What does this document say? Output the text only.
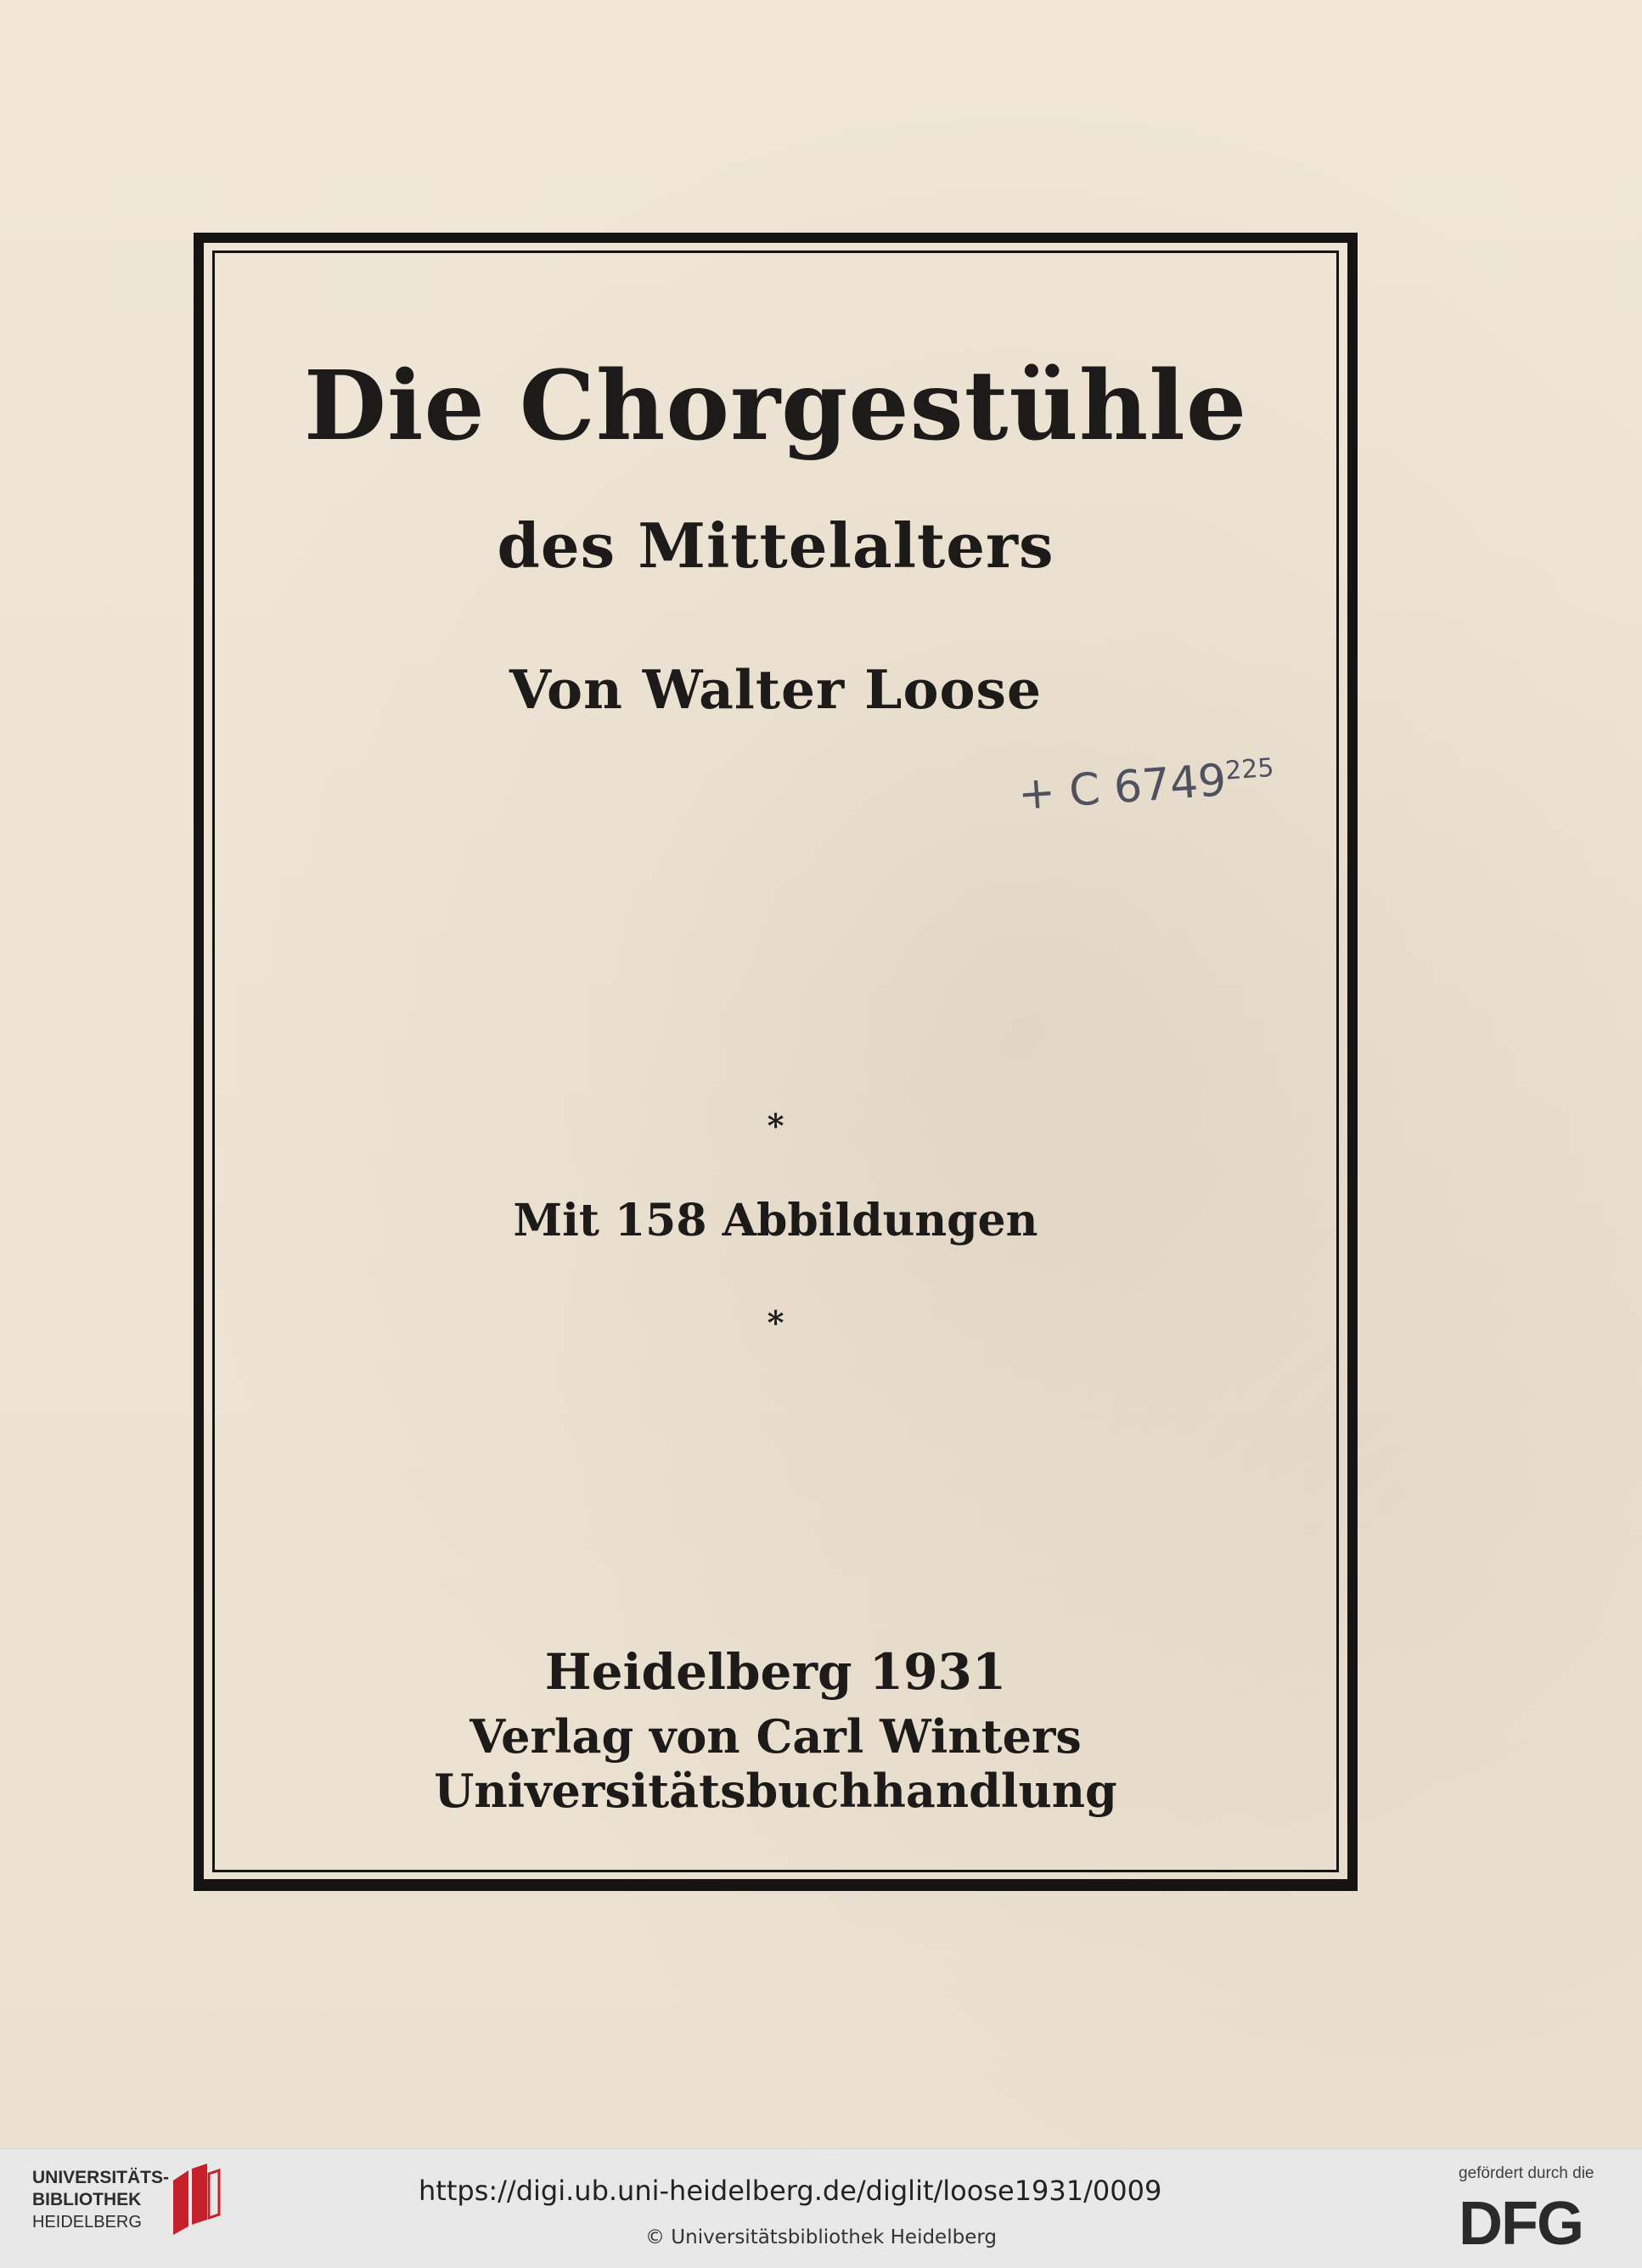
Die Chorgestühle
des Mittelalters
Von Walter Loose
+ C 6749$^{225}$
*
Mit 158 Abbildungen
*
Heidelberg 1931
Verlag von Carl Winters Universitätsbuchhandlung
UNIVERSITÄTS-
BIBLIOTHEK
HEIDELBERG
https://digi.ub.uni-heidelberg.de/diglit/loose1931/0009
© Universitätsbibliothek Heidelberg
gefördert durch die
DFG
